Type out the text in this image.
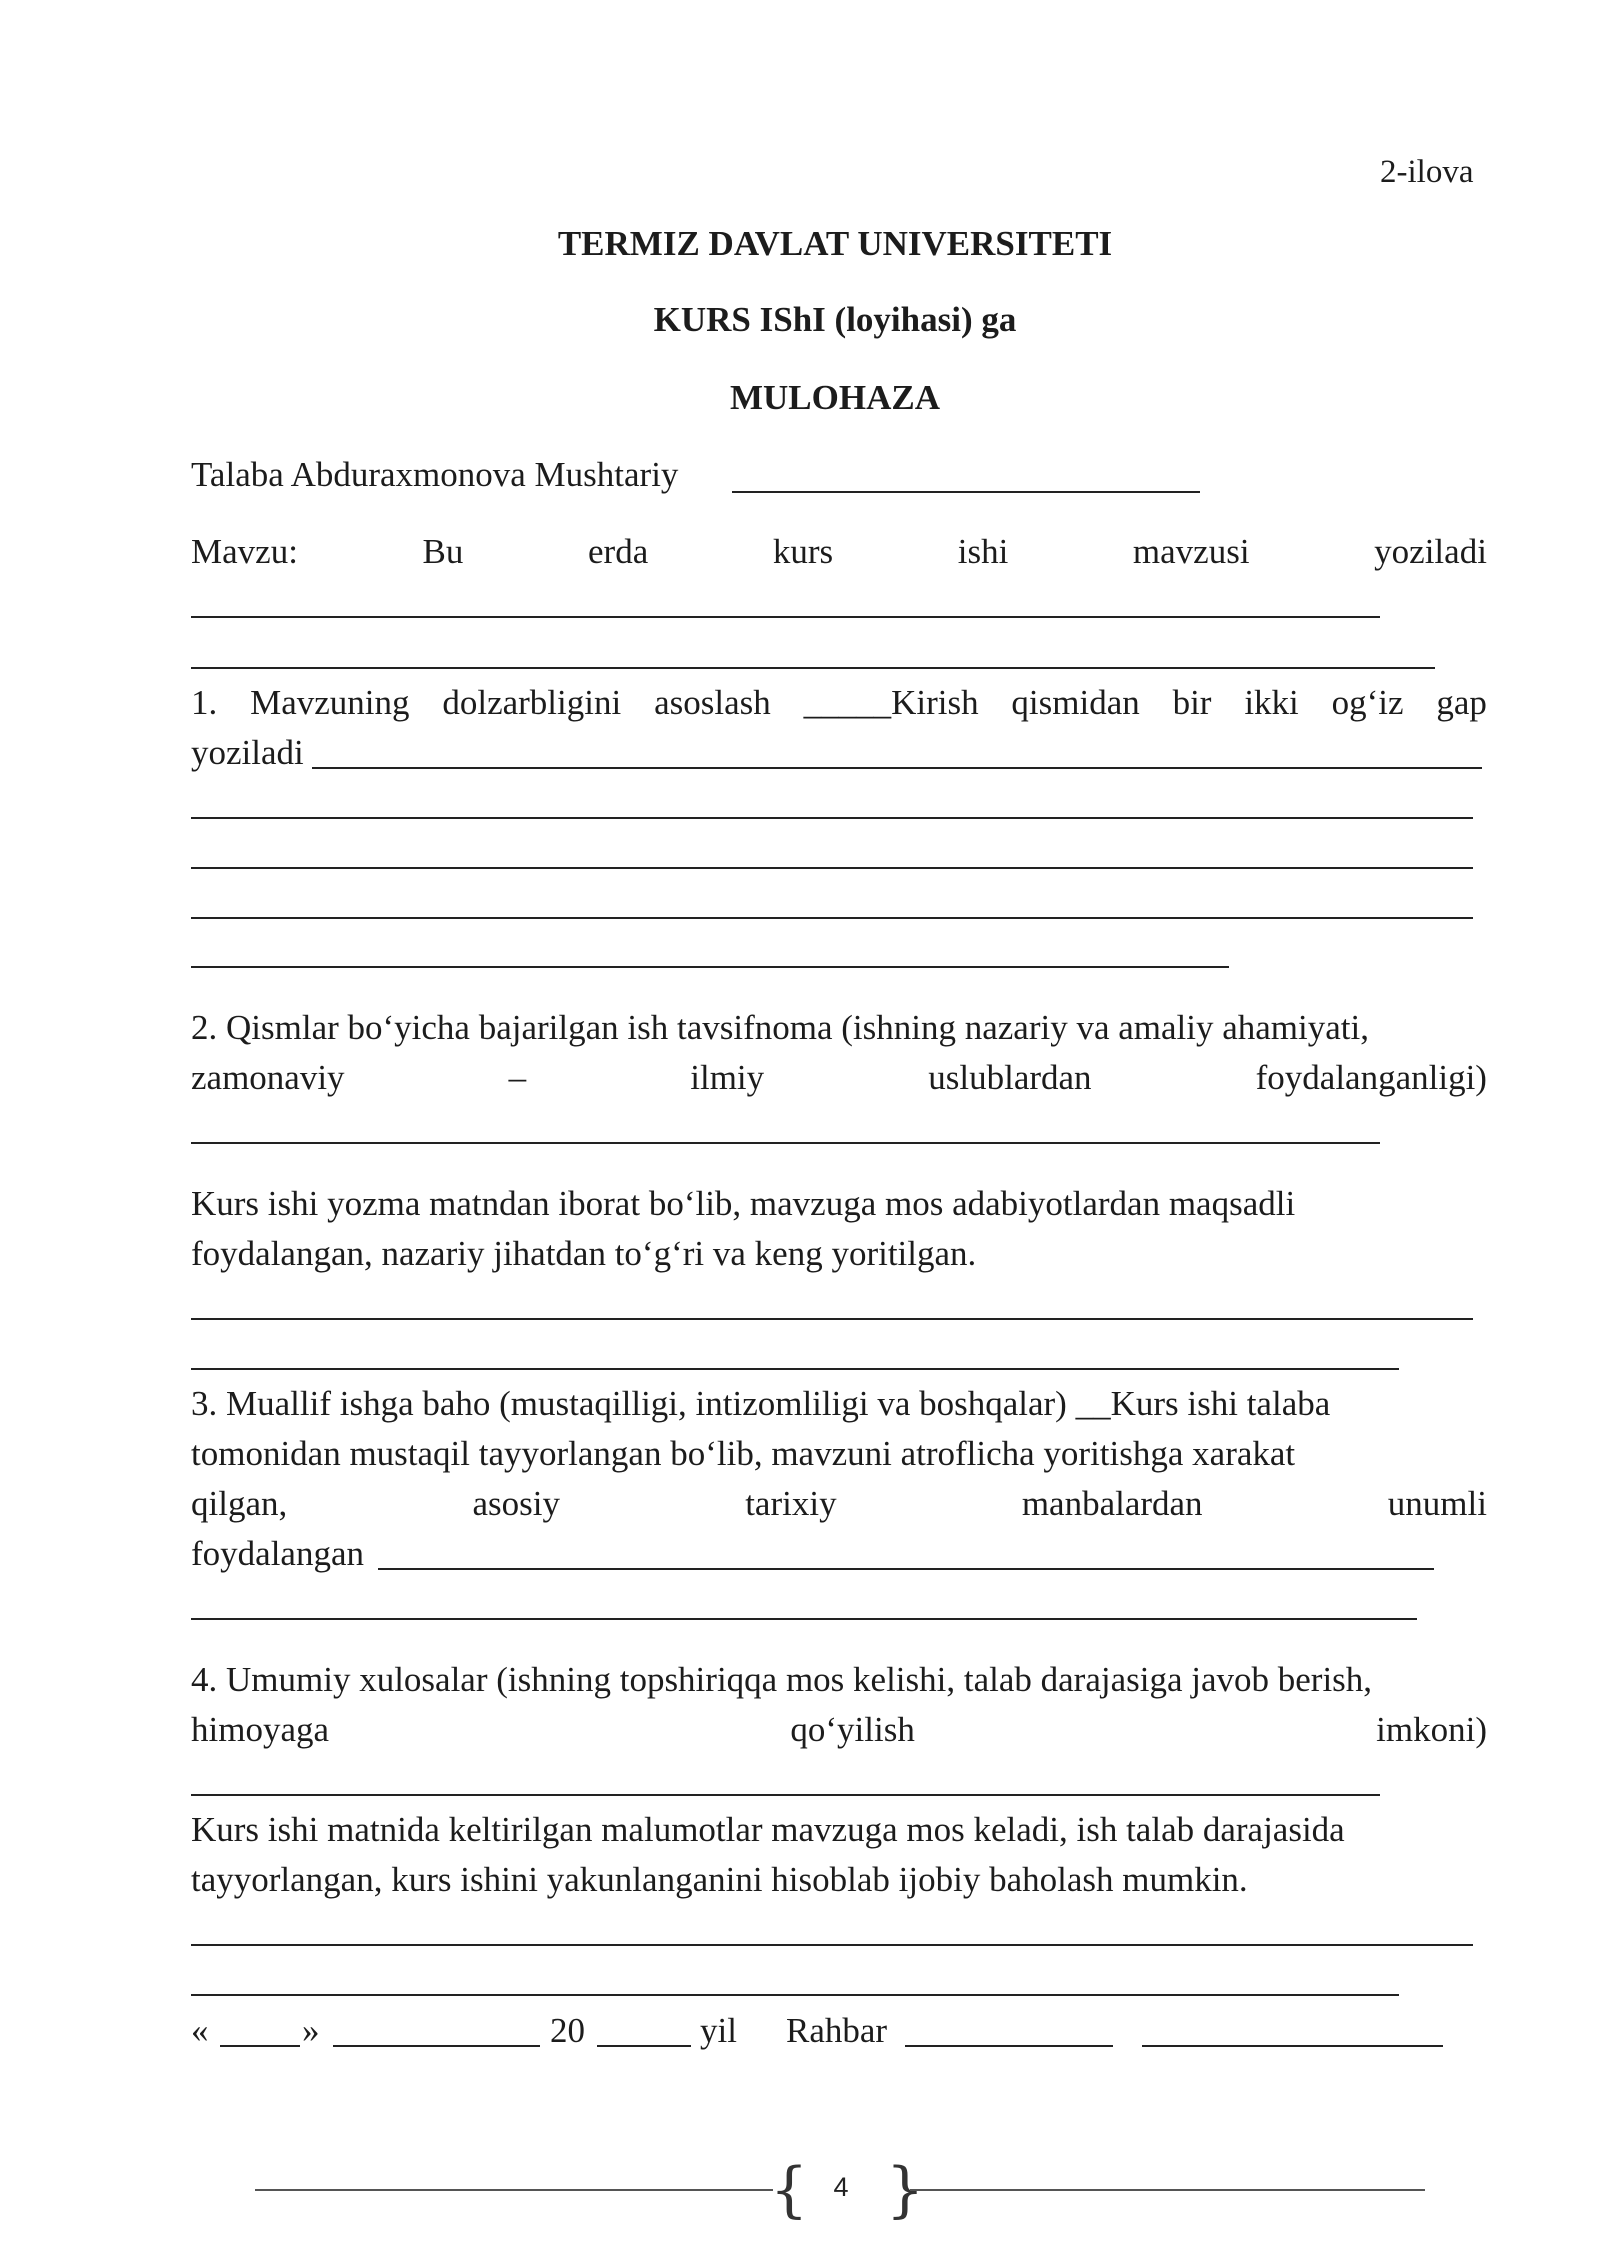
2-ilova
TERMIZ DAVLAT UNIVERSITETI
KURS IShI (loyihasi) ga
MULOHAZA
Talaba Abduraxmonova Mushtariy
Mavzu:	Bu	erda	kurs	ishi	mavzusi	yoziladi
1. Mavzuning dolzarbligini asoslash _____Kirish qismidan bir ikki og‘iz gap
yoziladi
2. Qismlar bo‘yicha bajarilgan ish tavsifnoma (ishning nazariy va amaliy ahamiyati,
zamonaviy	–	ilmiy	uslublardan	foydalanganligi)
Kurs ishi yozma matndan iborat bo‘lib, mavzuga mos adabiyotlardan maqsadli
foydalangan, nazariy jihatdan to‘g‘ri va keng yoritilgan.
3. Muallif ishga baho (mustaqilligi, intizomliligi va boshqalar) __Kurs ishi talaba
tomonidan mustaqil tayyorlangan bo‘lib, mavzuni atroflicha yoritishga xarakat
qilgan,	asosiy	tarixiy	manbalardan	unumli
foydalangan
4. Umumiy xulosalar (ishning topshiriqqa mos kelishi, talab darajasiga javob berish,
himoyaga	qo‘yilish	imkoni)
Kurs ishi matnida keltirilgan malumotlar mavzuga mos keladi, ish talab darajasida
tayyorlangan, kurs ishini yakunlanganini hisoblab ijobiy baholash mumkin.
«	»	20	yil Rahbar
{ 4 }
